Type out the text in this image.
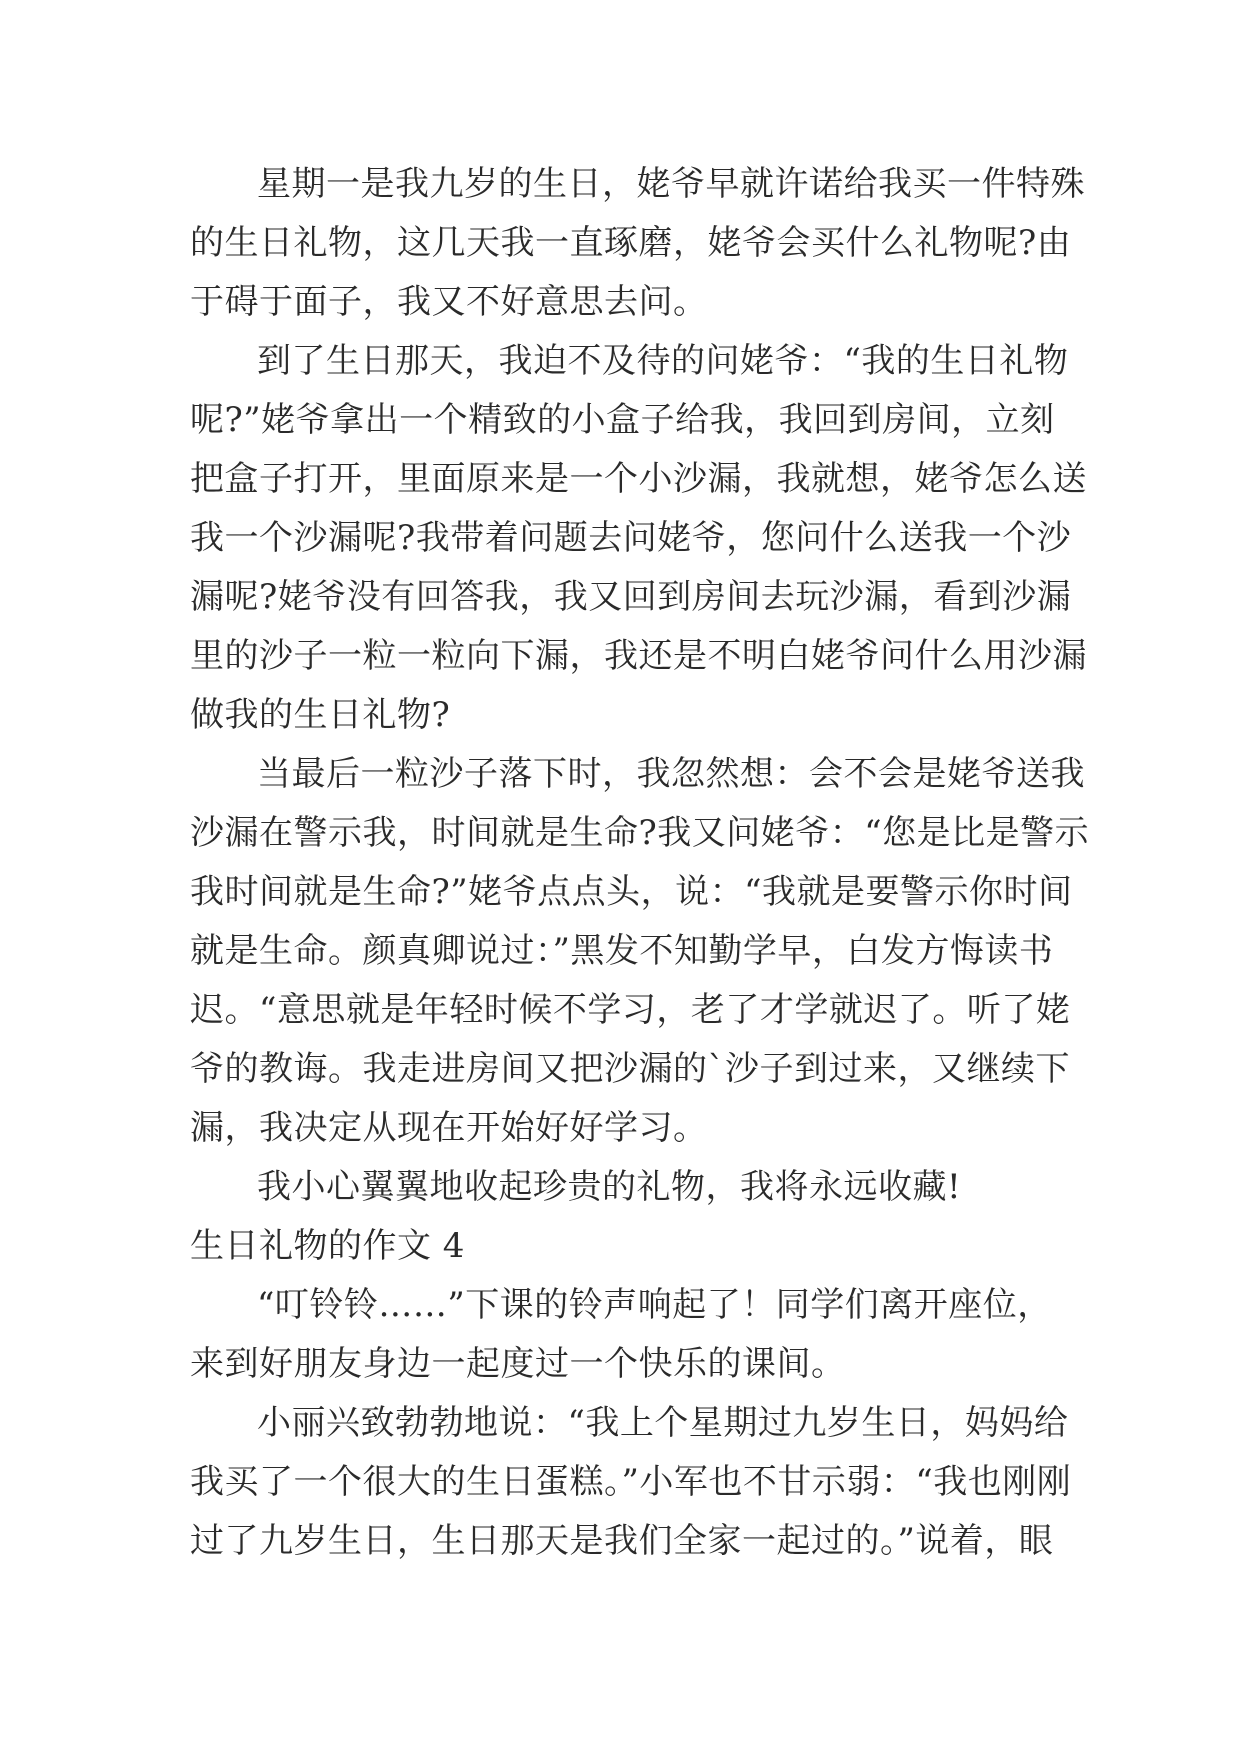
星期一是我九岁的生日，姥爷早就许诺给我买一件特殊
的生日礼物，这几天我一直琢磨，姥爷会买什么礼物呢?由
于碍于面子，我又不好意思去问。
到了生日那天，我迫不及待的问姥爷：“我的生日礼物
呢?”姥爷拿出一个精致的小盒子给我，我回到房间，立刻
把盒子打开，里面原来是一个小沙漏，我就想，姥爷怎么送
我一个沙漏呢?我带着问题去问姥爷，您问什么送我一个沙
漏呢?姥爷没有回答我，我又回到房间去玩沙漏，看到沙漏
里的沙子一粒一粒向下漏，我还是不明白姥爷问什么用沙漏
做我的生日礼物?
当最后一粒沙子落下时，我忽然想：会不会是姥爷送我
沙漏在警示我，时间就是生命?我又问姥爷：“您是比是警示
我时间就是生命?”姥爷点点头，说：“我就是要警示你时间
就是生命。颜真卿说过：”黑发不知勤学早，白发方悔读书
迟。“意思就是年轻时候不学习，老了才学就迟了。听了姥
爷的教诲。我走进房间又把沙漏的`沙子到过来，又继续下
漏，我决定从现在开始好好学习。
我小心翼翼地收起珍贵的礼物，我将永远收藏!
生日礼物的作文 4
“叮铃铃……”下课的铃声响起了！同学们离开座位，
来到好朋友身边一起度过一个快乐的课间。
小丽兴致勃勃地说：“我上个星期过九岁生日，妈妈给
我买了一个很大的生日蛋糕。”小军也不甘示弱：“我也刚刚
过了九岁生日，生日那天是我们全家一起过的。”说着，眼
